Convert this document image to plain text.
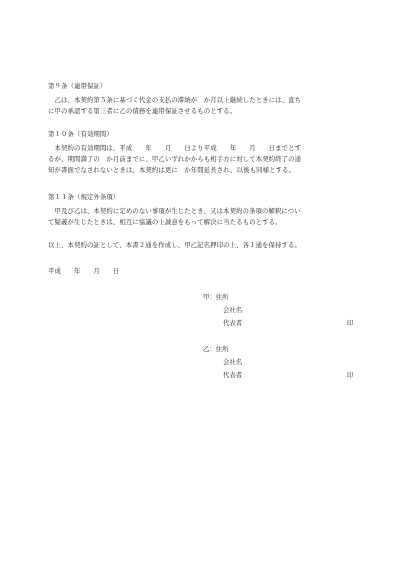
第９条（連帯保証）
　乙は、本契約第５条に基づく代金の支払の滞納が　か月以上継続したときには、直ち
に甲の承認する第三者に乙の債務を連帯保証させるものとする。
第１０条（有効期間）
　本契約の有効期間は、平成　　年　　月　　日より平成　　年　　月　　日までとす
るが、期間満了の　か月前までに、甲乙いずれかからも相手方に対して本契約終了の通
知が書面でなされないときは、本契約は更に　か年間延長され、以後も同様とする。
第１１条（規定外条項）
　甲及び乙は、本契約に定めのない事項が生じたとき、又は本契約の条項の解釈につい
て疑義が生じたときは、相互に協議の上誠意をもって解決に当たるものとする。
以上、本契約の証として、本書２通を作成し、甲乙記名押印の上、各１通を保持する。
平成　　年　　月　　日
甲：住所
会社名
代表者	印
乙：住所
会社名
代表者	印
